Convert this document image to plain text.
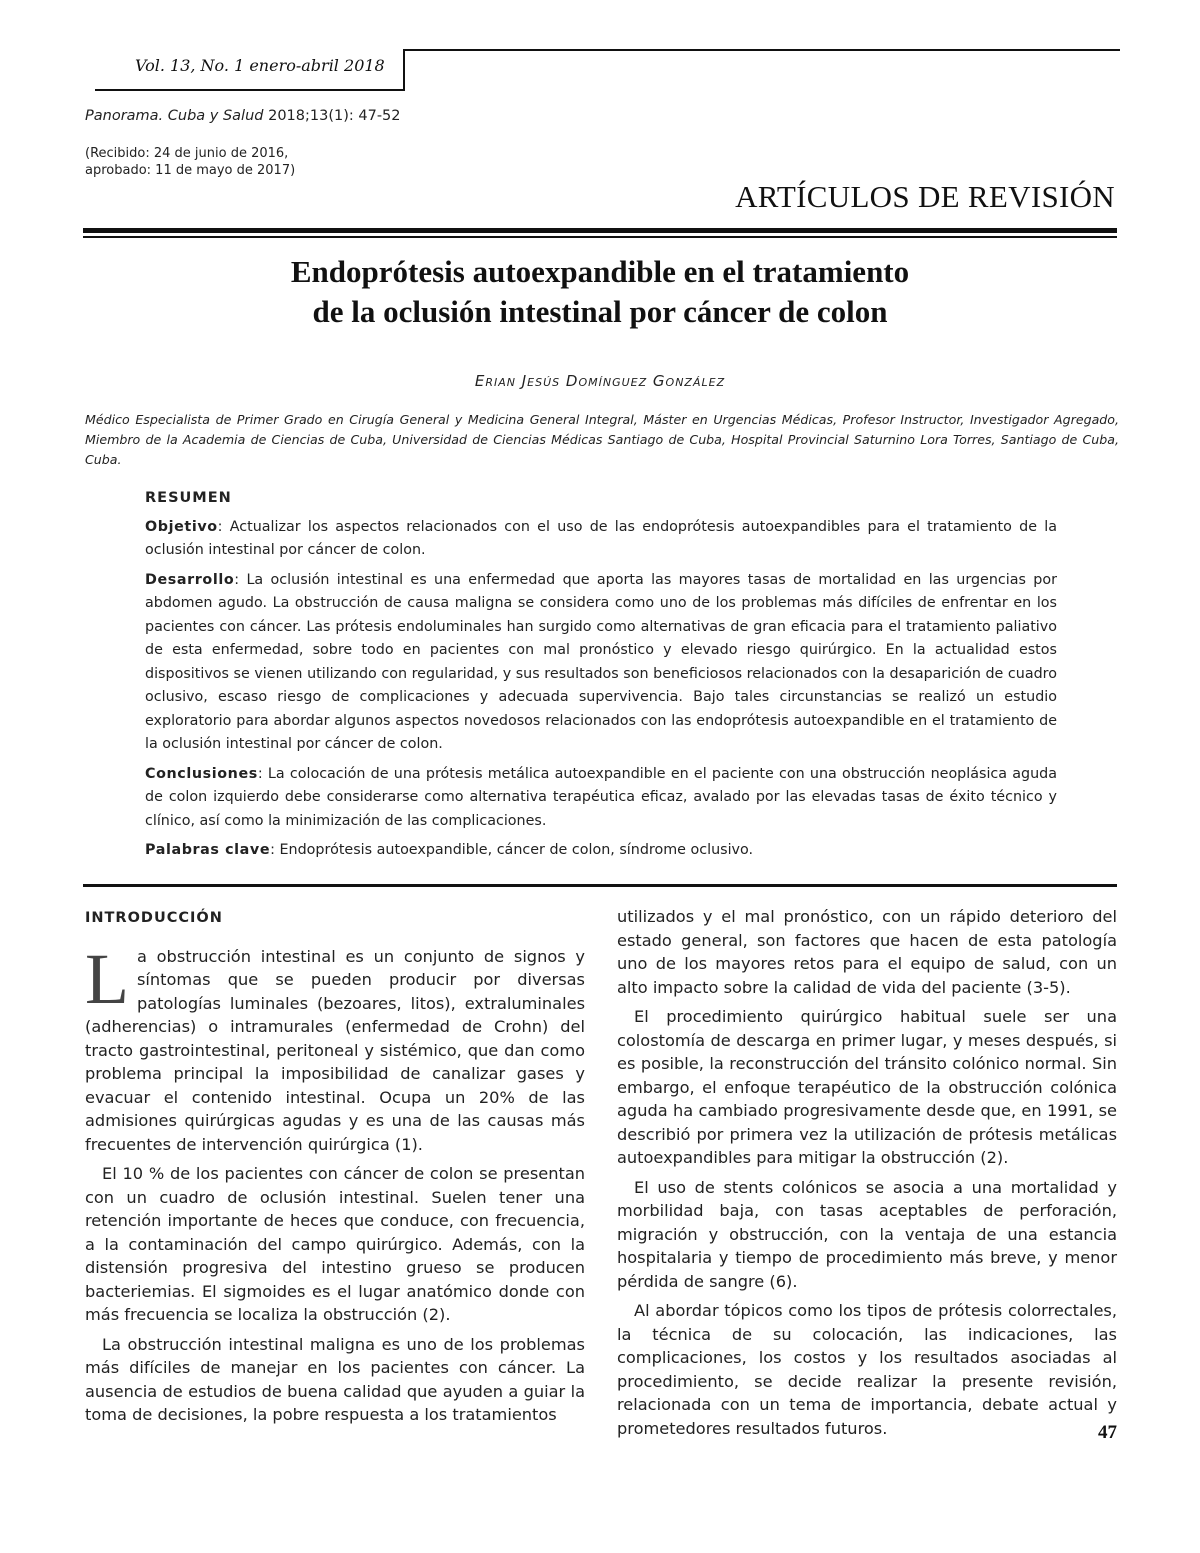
Vol. 13, No. 1 enero-abril 2018
Panorama. Cuba y Salud 2018;13(1): 47-52
(Recibido: 24 de junio de 2016,
aprobado: 11 de mayo de 2017)
ARTÍCULOS DE REVISIÓN
Endoprótesis autoexpandible en el tratamiento
de la oclusión intestinal por cáncer de colon
Erian Jesús Domínguez González
Médico Especialista de Primer Grado en Cirugía General y Medicina General Integral, Máster en Urgencias Médicas, Profesor Instructor, Investigador Agregado, Miembro de la Academia de Ciencias de Cuba, Universidad de Ciencias Médicas Santiago de Cuba, Hospital Provincial Saturnino Lora Torres, Santiago de Cuba, Cuba.
RESUMEN

Objetivo: Actualizar los aspectos relacionados con el uso de las endoprótesis autoexpandibles para el tratamiento de la oclusión intestinal por cáncer de colon.

Desarrollo: La oclusión intestinal es una enfermedad que aporta las mayores tasas de mortalidad en las urgencias por abdomen agudo. La obstrucción de causa maligna se considera como uno de los problemas más difíciles de enfrentar en los pacientes con cáncer. Las prótesis endoluminales han surgido como alternativas de gran eficacia para el tratamiento paliativo de esta enfermedad, sobre todo en pacientes con mal pronóstico y elevado riesgo quirúrgico. En la actualidad estos dispositivos se vienen utilizando con regularidad, y sus resultados son beneficiosos relacionados con la desaparición de cuadro oclusivo, escaso riesgo de complicaciones y adecuada supervivencia. Bajo tales circunstancias se realizó un estudio exploratorio para abordar algunos aspectos novedosos relacionados con las endoprótesis autoexpandible en el tratamiento de la oclusión intestinal por cáncer de colon.

Conclusiones: La colocación de una prótesis metálica autoexpandible en el paciente con una obstrucción neoplásica aguda de colon izquierdo debe considerarse como alternativa terapéutica eficaz, avalado por las elevadas tasas de éxito técnico y clínico, así como la minimización de las complicaciones.

Palabras clave: Endoprótesis autoexpandible, cáncer de colon, síndrome oclusivo.

INTRODUCCIÓN

La obstrucción intestinal es un conjunto de signos y síntomas que se pueden producir por diversas patologías luminales (bezoares, litos), extraluminales (adherencias) o intramurales (enfermedad de Crohn) del tracto gastrointestinal, peritoneal y sistémico, que dan como problema principal la imposibilidad de canalizar gases y evacuar el contenido intestinal. Ocupa un 20% de las admisiones quirúrgicas agudas y es una de las causas más frecuentes de intervención quirúrgica (1).

El 10 % de los pacientes con cáncer de colon se presentan con un cuadro de oclusión intestinal. Suelen tener una retención importante de heces que conduce, con frecuencia, a la contaminación del campo quirúrgico. Además, con la distensión progresiva del intestino grueso se producen bacteriemias. El sigmoides es el lugar anatómico donde con más frecuencia se localiza la obstrucción (2).

La obstrucción intestinal maligna es uno de los problemas más difíciles de manejar en los pacientes con cáncer. La ausencia de estudios de buena calidad que ayuden a guiar la toma de decisiones, la pobre respuesta a los tratamientos

utilizados y el mal pronóstico, con un rápido deterioro del estado general, son factores que hacen de esta patología uno de los mayores retos para el equipo de salud, con un alto impacto sobre la calidad de vida del paciente (3-5).

El procedimiento quirúrgico habitual suele ser una colostomía de descarga en primer lugar, y meses después, si es posible, la reconstrucción del tránsito colónico normal. Sin embargo, el enfoque terapéutico de la obstrucción colónica aguda ha cambiado progresivamente desde que, en 1991, se describió por primera vez la utilización de prótesis metálicas autoexpandibles para mitigar la obstrucción (2).

El uso de stents colónicos se asocia a una mortalidad y morbilidad baja, con tasas aceptables de perforación, migración y obstrucción, con la ventaja de una estancia hospitalaria y tiempo de procedimiento más breve, y menor pérdida de sangre (6).

Al abordar tópicos como los tipos de prótesis colorrectales, la técnica de su colocación, las indicaciones, las complicaciones, los costos y los resultados asociadas al procedimiento, se decide realizar la presente revisión, relacionada con un tema de importancia, debate actual y prometedores resultados futuros.	47
